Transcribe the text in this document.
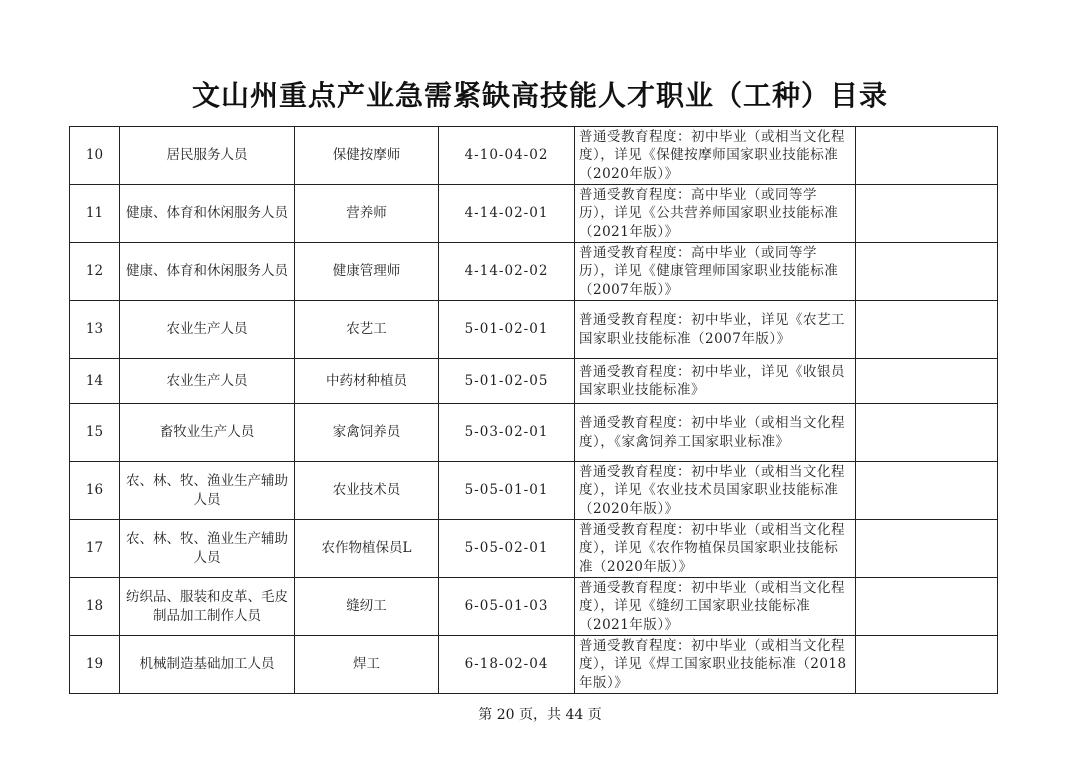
文山州重点产业急需紧缺高技能人才职业（工种）目录
10	居民服务人员	保健按摩师	4-10-04-02	普通受教育程度：初中毕业（或相当文化程度），详见《保健按摩师国家职业技能标准（2020年版）》	
11	健康、体育和休闲服务人员	营养师	4-14-02-01	普通受教育程度：高中毕业（或同等学历），详见《公共营养师国家职业技能标准（2021年版）》	
12	健康、体育和休闲服务人员	健康管理师	4-14-02-02	普通受教育程度：高中毕业（或同等学历），详见《健康管理师国家职业技能标准（2007年版）》	
13	农业生产人员	农艺工	5-01-02-01	普通受教育程度：初中毕业，详见《农艺工国家职业技能标准（2007年版）》	
14	农业生产人员	中药材种植员	5-01-02-05	普通受教育程度：初中毕业，详见《收银员国家职业技能标准》	
15	畜牧业生产人员	家禽饲养员	5-03-02-01	普通受教育程度：初中毕业（或相当文化程度），《家禽饲养工国家职业标准》	
16	农、林、牧、渔业生产辅助人员	农业技术员	5-05-01-01	普通受教育程度：初中毕业（或相当文化程度），详见《农业技术员国家职业技能标准（2020年版）》	
17	农、林、牧、渔业生产辅助人员	农作物植保员L	5-05-02-01	普通受教育程度：初中毕业（或相当文化程度），详见《农作物植保员国家职业技能标准（2020年版）》	
18	纺织品、服装和皮革、毛皮制品加工制作人员	缝纫工	6-05-01-03	普通受教育程度：初中毕业（或相当文化程度），详见《缝纫工国家职业技能标准（2021年版）》	
19	机械制造基础加工人员	焊工	6-18-02-04	普通受教育程度：初中毕业（或相当文化程度），详见《焊工国家职业技能标准（2018年版）》	
第 20 页，共 44 页
